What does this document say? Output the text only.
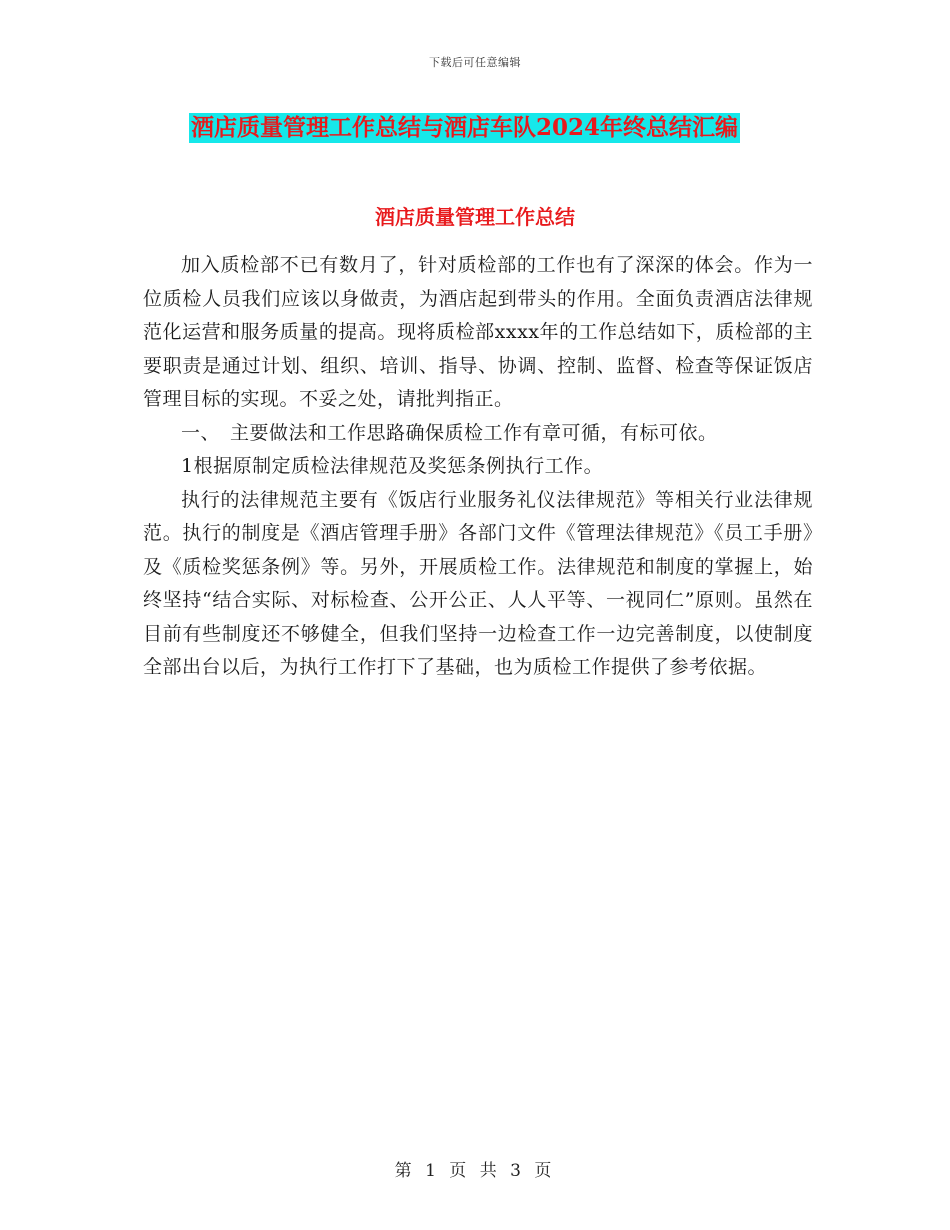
下载后可任意编辑
酒店质量管理工作总结与酒店车队2024年终总结汇编
酒店质量管理工作总结

加入质检部不已有数月了，针对质检部的工作也有了深深的体会。作为一位质检人员我们应该以身做责，为酒店起到带头的作用。全面负责酒店法律规范化运营和服务质量的提高。现将质检部xxxx年的工作总结如下，质检部的主要职责是通过计划、组织、培训、指导、协调、控制、监督、检查等保证饭店管理目标的实现。不妥之处，请批判指正。

一、　主要做法和工作思路确保质检工作有章可循，有标可依。

1根据原制定质检法律规范及奖惩条例执行工作。

执行的法律规范主要有《饭店行业服务礼仪法律规范》等相关行业法律规范。执行的制度是《酒店管理手册》各部门文件《管理法律规范》《员工手册》及《质检奖惩条例》等。另外，开展质检工作。法律规范和制度的掌握上，始终坚持“结合实际、对标检查、公开公正、人人平等、一视同仁”原则。虽然在目前有些制度还不够健全，但我们坚持一边检查工作一边完善制度，以使制度全部出台以后，为执行工作打下了基础，也为质检工作提供了参考依据。

第 1 页 共 3 页
